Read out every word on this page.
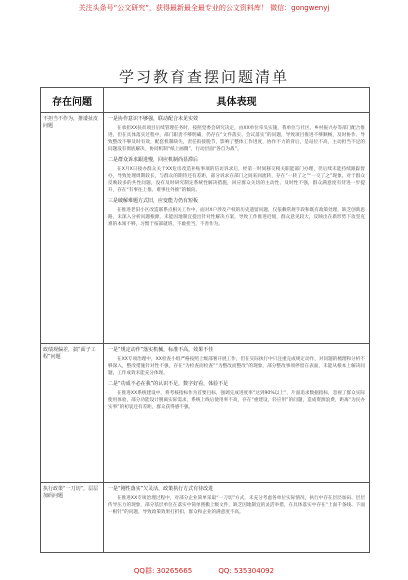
关注头条号“公文研究”，获得最新最全最专业的公文资料库！ 微信：gongwenyj
学习教育查摆问题清单
存在问题	具体表现
不担当不作为，推诿扯皮问题
一是协作意识不够强，联动配合未见实效
在承担XX扶贫项目后续管理任务时，按照党委会研究决定，由XX单位牵头实施，我单位与社区、乡村振兴办等部门配合推进，但在具体落实过程中，部门职责不够明确，仍存在“文件落实、会议落实”的问题，导致项目推进不够顺畅，及时协作、导致整改不够及时有效，配套机制缺失，责任衔接脱节，影响了整体工作进度，协作不力的背后，是站位不高，主动担当不足的问题没有彻底解决，协同机制“纸上画圈”，行动层面“各自为战”。
二是群众诉求跟进慢，回应机制尚显滞后
在X月X日接办群众关于XX危房改造补贴事项的信访诉求后，经第一时间移交相关职能部门办理，但后续未能持续跟踪督办，导致处理周期较长，与群众的期待还有差距，部分诉求在部门之间来回流转，存在“一转了之”“一交了之”现象。对于群众反映较多的共性问题，没有及时研究制定系统性解决措施，回应群众关切的主动性、及时性不强，群众满意度有待进一步提升，存在“有事往上推、难事往外推”的倾向。
三是破解难题方式旧，应变能力仍有短板
在推进老旧小区改造联系点相关工作中，面对X户涉及产权的历史遗留问题，仅依赖常规手段和既有政策处理，缺乏创新思路，未深入分析问题根源，未能因地制宜提出针对性解决方案，导致工作推进迟缓，群众意见较大，反映出在新形势下攻坚克难的本领不够，习惯于按部就班，不敢担当，不善作为。
政绩观偏差，搞“面子工程”问题
一是“规定动作”落实机械，标准不高，效果不佳
在XX专项治理中，XX检查小组严格按照上级部署开展工作，但在实际执行中只注重完成规定动作，对问题的梳理和分析不够深入，整改措施针对性不强，存在“为检查而检查”“为整改而整改”的现象，部分整改事项停留在表面，未能从根本上解决问题，工作成效未能充分体现。
二是“功成不必在我”的认识不足，数字好看，体验不足
在推进XX系统建设中，将考核指标作为首要目标，强调完成进度率“达到90%以上”，片面追求数据指标，忽视了群众实际使用体验，部分功能设计脱离实际需求，系统上线后使用率不高，存在“重建设、轻应用”的问题，造成资源浪费，距离“为民办实事”的初衷还有差距，群众获得感不强。
执行政策“一刀切”，层层加码问题
一是“刚性落实”欠灵活，政策执行方式有待改进
在推进XX专项治理过程中，对部分企业简单采取“一刀切”方式，未充分考虑各单位实际情况，执行中存在层层加码、层层传导压力的现象，部分基层单位在落实中简单照搬上级文件，缺乏因地制宜的灵活举措，在具体落实中存在“上面千条线、下面一根针”的问题，导致政策效果打折扣，群众和企业的满意度不高。
QQ群: 30265665	QQ: 535304092
